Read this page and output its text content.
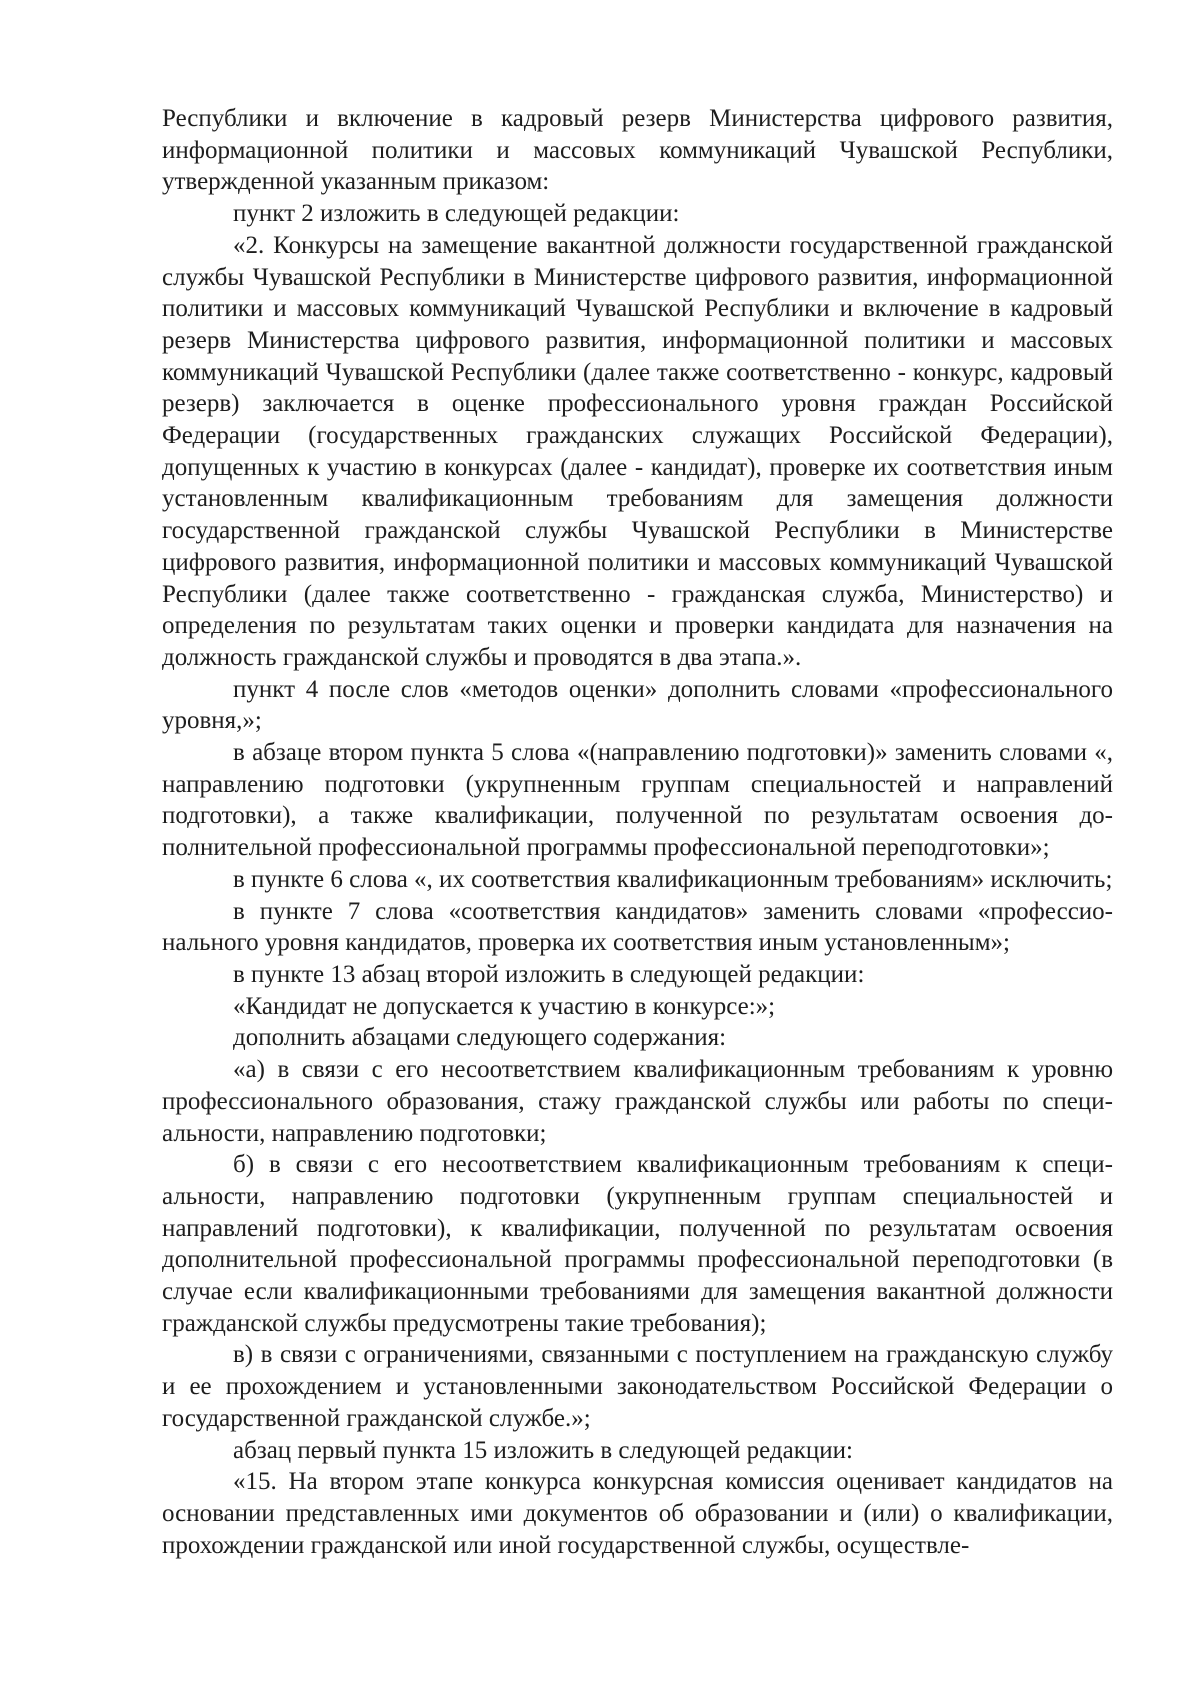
Республики и включение в кадровый резерв Министерства цифрового развития, информационной политики и массовых коммуникаций Чувашской Республики, утвержденной указанным приказом:

пункт 2 изложить в следующей редакции:

«2. Конкурсы на замещение вакантной должности государственной гражданской службы Чувашской Республики в Министерстве цифрового развития, информационной политики и массовых коммуникаций Чувашской Республики и включение в кадровый резерв Министерства цифрового развития, информационной политики и массовых коммуникаций Чувашской Республики (далее также соответственно - конкурс, кадровый резерв) заключается в оценке профессионального уровня граждан Российской Федерации (государственных гражданских служащих Российской Федерации), допущенных к участию в конкурсах (далее - кандидат), проверке их соответствия иным установленным квалификационным требованиям для замещения должности государственной гражданской службы Чувашской Республики в Министерстве цифрового развития, информационной политики и массовых коммуникаций Чувашской Республики (далее также соответственно - гражданская служба, Министерство) и определения по результатам таких оценки и проверки кандидата для назначения на должность гражданской службы и проводятся в два этапа.».

пункт 4 после слов «методов оценки» дополнить словами «профессионального уровня,»;

в абзаце втором пункта 5 слова «(направлению подготовки)» заменить словами «, направлению подготовки (укрупненным группам специальностей и направлений подготовки), а также квалификации, полученной по результатам освоения дополнительной профессиональной программы профессиональной переподготовки»;

в пункте 6 слова «, их соответствия квалификационным требованиям» исключить;

в пункте 7 слова «соответствия кандидатов» заменить словами «профессионального уровня кандидатов, проверка их соответствия иным установленным»;

в пункте 13 абзац второй изложить в следующей редакции:

«Кандидат не допускается к участию в конкурсе:»;

дополнить абзацами следующего содержания:

«а) в связи с его несоответствием квалификационным требованиям к уровню профессионального образования, стажу гражданской службы или работы по специальности, направлению подготовки;

б) в связи с его несоответствием квалификационным требованиям к специальности, направлению подготовки (укрупненным группам специальностей и направлений подготовки), к квалификации, полученной по результатам освоения дополнительной профессиональной программы профессиональной переподготовки (в случае если квалификационными требованиями для замещения вакантной должности гражданской службы предусмотрены такие требования);

в) в связи с ограничениями, связанными с поступлением на гражданскую службу и ее прохождением и установленными законодательством Российской Федерации о государственной гражданской службе.»;

абзац первый пункта 15 изложить в следующей редакции:

«15. На втором этапе конкурса конкурсная комиссия оценивает кандидатов на основании представленных ими документов об образовании и (или) о квалификации, прохождении гражданской или иной государственной службы, осуществле-
